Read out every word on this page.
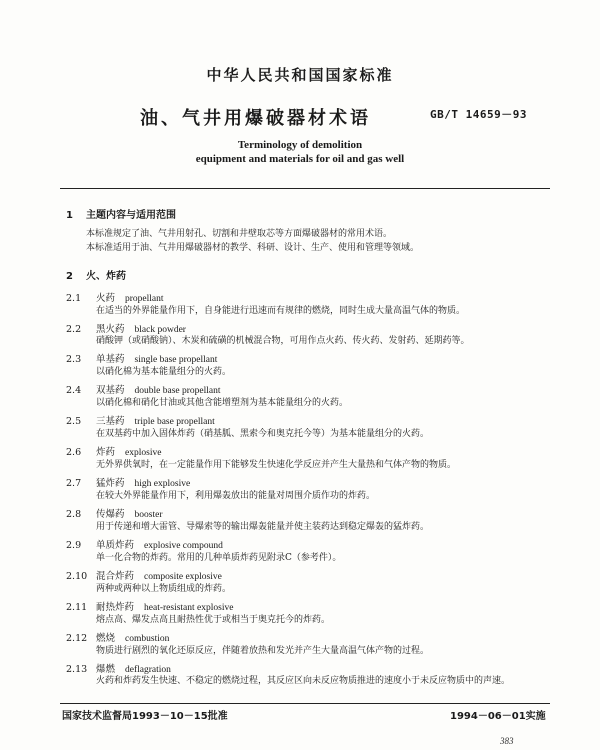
中华人民共和国国家标准
油、气井用爆破器材术语	GB/T 14659－93
Terminology of demolition
equipment and materials for oil and gas well
1 主题内容与适用范围
本标准规定了油、气井用射孔、切割和井壁取芯等方面爆破器材的常用术语。
本标准适用于油、气井用爆破器材的教学、科研、设计、生产、使用和管理等领域。
2 火、炸药
2.1 火药 propellant
在适当的外界能量作用下，自身能进行迅速而有规律的燃烧，同时生成大量高温气体的物质。
2.2 黑火药 black powder
硝酸钾（或硝酸钠）、木炭和硫磺的机械混合物，可用作点火药、传火药、发射药、延期药等。
2.3 单基药 single base propellant
以硝化棉为基本能量组分的火药。
2.4 双基药 double base propellant
以硝化棉和硝化甘油或其他含能增塑剂为基本能量组分的火药。
2.5 三基药 triple base propellant
在双基药中加入固体炸药（硝基胍、黑索今和奥克托今等）为基本能量组分的火药。
2.6 炸药 explosive
无外界供氧时，在一定能量作用下能够发生快速化学反应并产生大量热和气体产物的物质。
2.7 猛炸药 high explosive
在较大外界能量作用下，利用爆轰放出的能量对周围介质作功的炸药。
2.8 传爆药 booster
用于传递和增大雷管、导爆索等的输出爆轰能量并使主装药达到稳定爆轰的猛炸药。
2.9 单质炸药 explosive compound
单一化合物的炸药。常用的几种单质炸药见附录C（参考件）。
2.10 混合炸药 composite explosive
两种或两种以上物质组成的炸药。
2.11 耐热炸药 heat-resistant explosive
熔点高、爆发点高且耐热性优于或相当于奥克托今的炸药。
2.12 燃烧 combustion
物质进行剧烈的氧化还原反应，伴随着放热和发光并产生大量高温气体产物的过程。
2.13 爆燃 deflagration
火药和炸药发生快速、不稳定的燃烧过程，其反应区向未反应物质推进的速度小于未反应物质中的声速。
国家技术监督局1993－10－15批准	1994－06－01实施
383
